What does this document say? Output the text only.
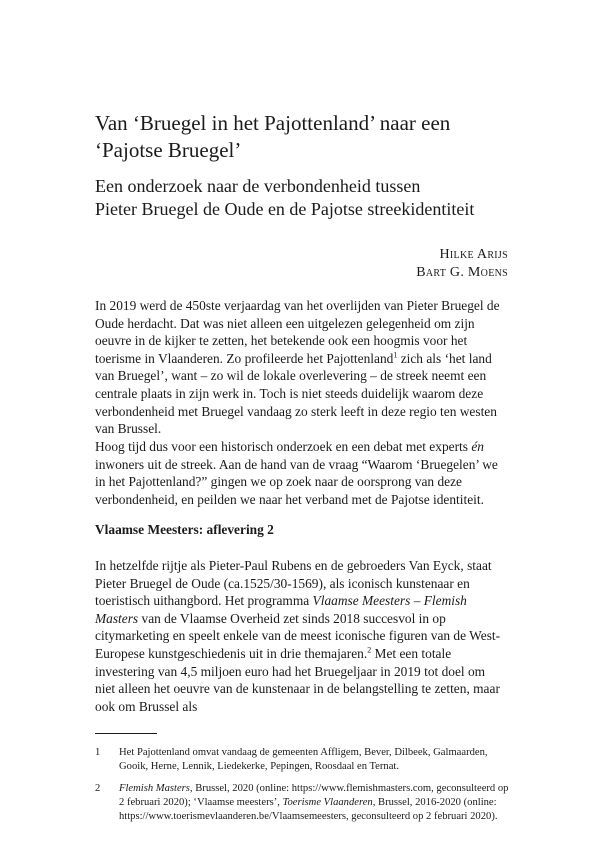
Van ‘Bruegel in het Pajottenland’ naar een ‘Pajotse Bruegel’
Een onderzoek naar de verbondenheid tussen
Pieter Bruegel de Oude en de Pajotse streekidentiteit
Hilke Arijs
Bart G. Moens

In 2019 werd de 450ste verjaardag van het overlijden van Pieter Bruegel de Oude herdacht. Dat was niet alleen een uitgelezen gelegenheid om zijn oeuvre in de kijker te zetten, het betekende ook een hoogmis voor het toerisme in Vlaanderen. Zo profileerde het Pajottenland$^1$ zich als ‘het land van Bruegel’, want – zo wil de lokale overlevering – de streek neemt een centrale plaats in zijn werk in. Toch is niet steeds duidelijk waarom deze verbondenheid met Bruegel vandaag zo sterk leeft in deze regio ten westen van Brussel.

Hoog tijd dus voor een historisch onderzoek en een debat met experts én inwoners uit de streek. Aan de hand van de vraag “Waarom ‘Bruegelen’ we in het Pajottenland?” gingen we op zoek naar de oorsprong van deze verbondenheid, en peilden we naar het verband met de Pajotse identiteit.

Vlaamse Meesters: aflevering 2

In hetzelfde rijtje als Pieter-Paul Rubens en de gebroeders Van Eyck, staat Pieter Bruegel de Oude (ca.1525/30-1569), als iconisch kunstenaar en toeristisch uithangbord. Het programma Vlaamse Meesters – Flemish Masters van de Vlaamse Overheid zet sinds 2018 succesvol in op citymarketing en speelt enkele van de meest iconische figuren van de West-Europese kunstgeschiedenis uit in drie themajaren.$^2$ Met een totale investering van 4,5 miljoen euro had het Bruegeljaar in 2019 tot doel om niet alleen het oeuvre van de kunstenaar in de belangstelling te zetten, maar ook om Brussel als

1 Het Pajottenland omvat vandaag de gemeenten Affligem, Bever, Dilbeek, Galmaarden, Gooik, Herne, Lennik, Liedekerke, Pepingen, Roosdaal en Ternat.
2 Flemish Masters, Brussel, 2020 (online: https://www.flemishmasters.com, geconsulteerd op 2 februari 2020); ‘Vlaamse meesters’, Toerisme Vlaanderen, Brussel, 2016-2020 (online: https://www.toerismevlaanderen.be/Vlaamsemeesters, geconsulteerd op 2 februari 2020).
